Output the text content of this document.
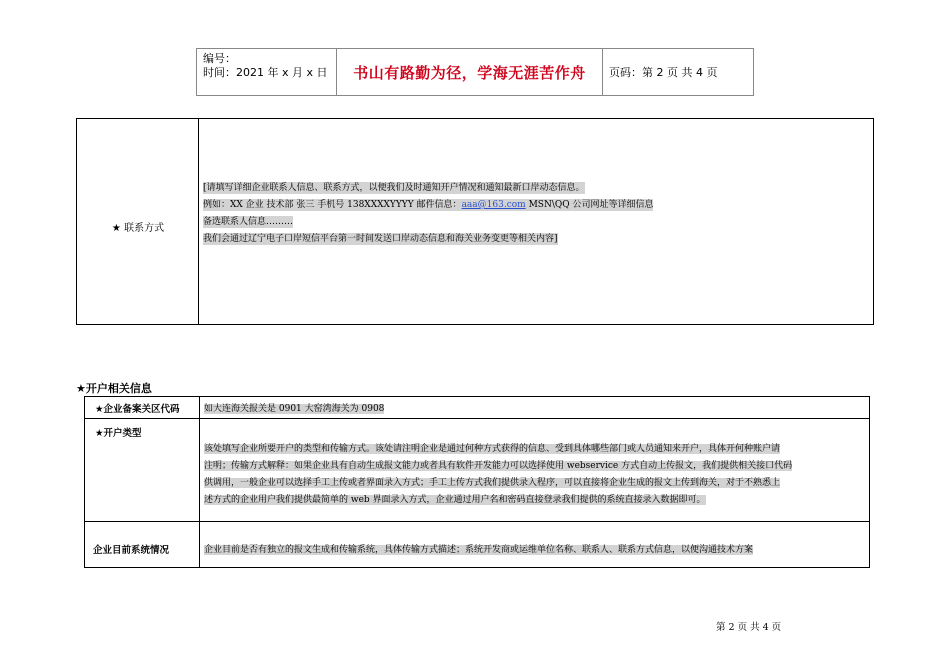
编号：
时间：2021 年 x 月 x 日 书山有路勤为径，学海无涯苦作舟 页码：第 2 页 共 4 页
★ 联系方式
[请填写详细企业联系人信息、联系方式，以便我们及时通知开户情况和通知最新口岸动态信息。
例如：XX 企业 技术部 张三 手机号 138XXXXYYYY 邮件信息：aaa@163.com MSN\QQ 公司网址等详细信息
备选联系人信息………
我们会通过辽宁电子口岸短信平台第一时间发送口岸动态信息和海关业务变更等相关内容]
★开户相关信息
★企业备案关区代码	如大连海关报关是 0901 大窑湾海关为 0908
★开户类型
该处填写企业所要开户的类型和传输方式。该处请注明企业是通过何种方式获得的信息、受到具体哪些部门或人员通知来开户，具体开何种账户请
注明；传输方式解释：如果企业具有自动生成报文能力或者具有软件开发能力可以选择使用 webservice 方式自动上传报文，我们提供相关接口代码
供调用，一般企业可以选择手工上传或者界面录入方式；手工上传方式我们提供录入程序，可以直接将企业生成的报文上传到海关，对于不熟悉上
述方式的企业用户我们提供最简单的 web 界面录入方式，企业通过用户名和密码直接登录我们提供的系统直接录入数据即可。
企业目前系统情况	企业目前是否有独立的报文生成和传输系统，具体传输方式描述；系统开发商或运维单位名称、联系人、联系方式信息，以便沟通技术方案
第 2 页 共 4 页
